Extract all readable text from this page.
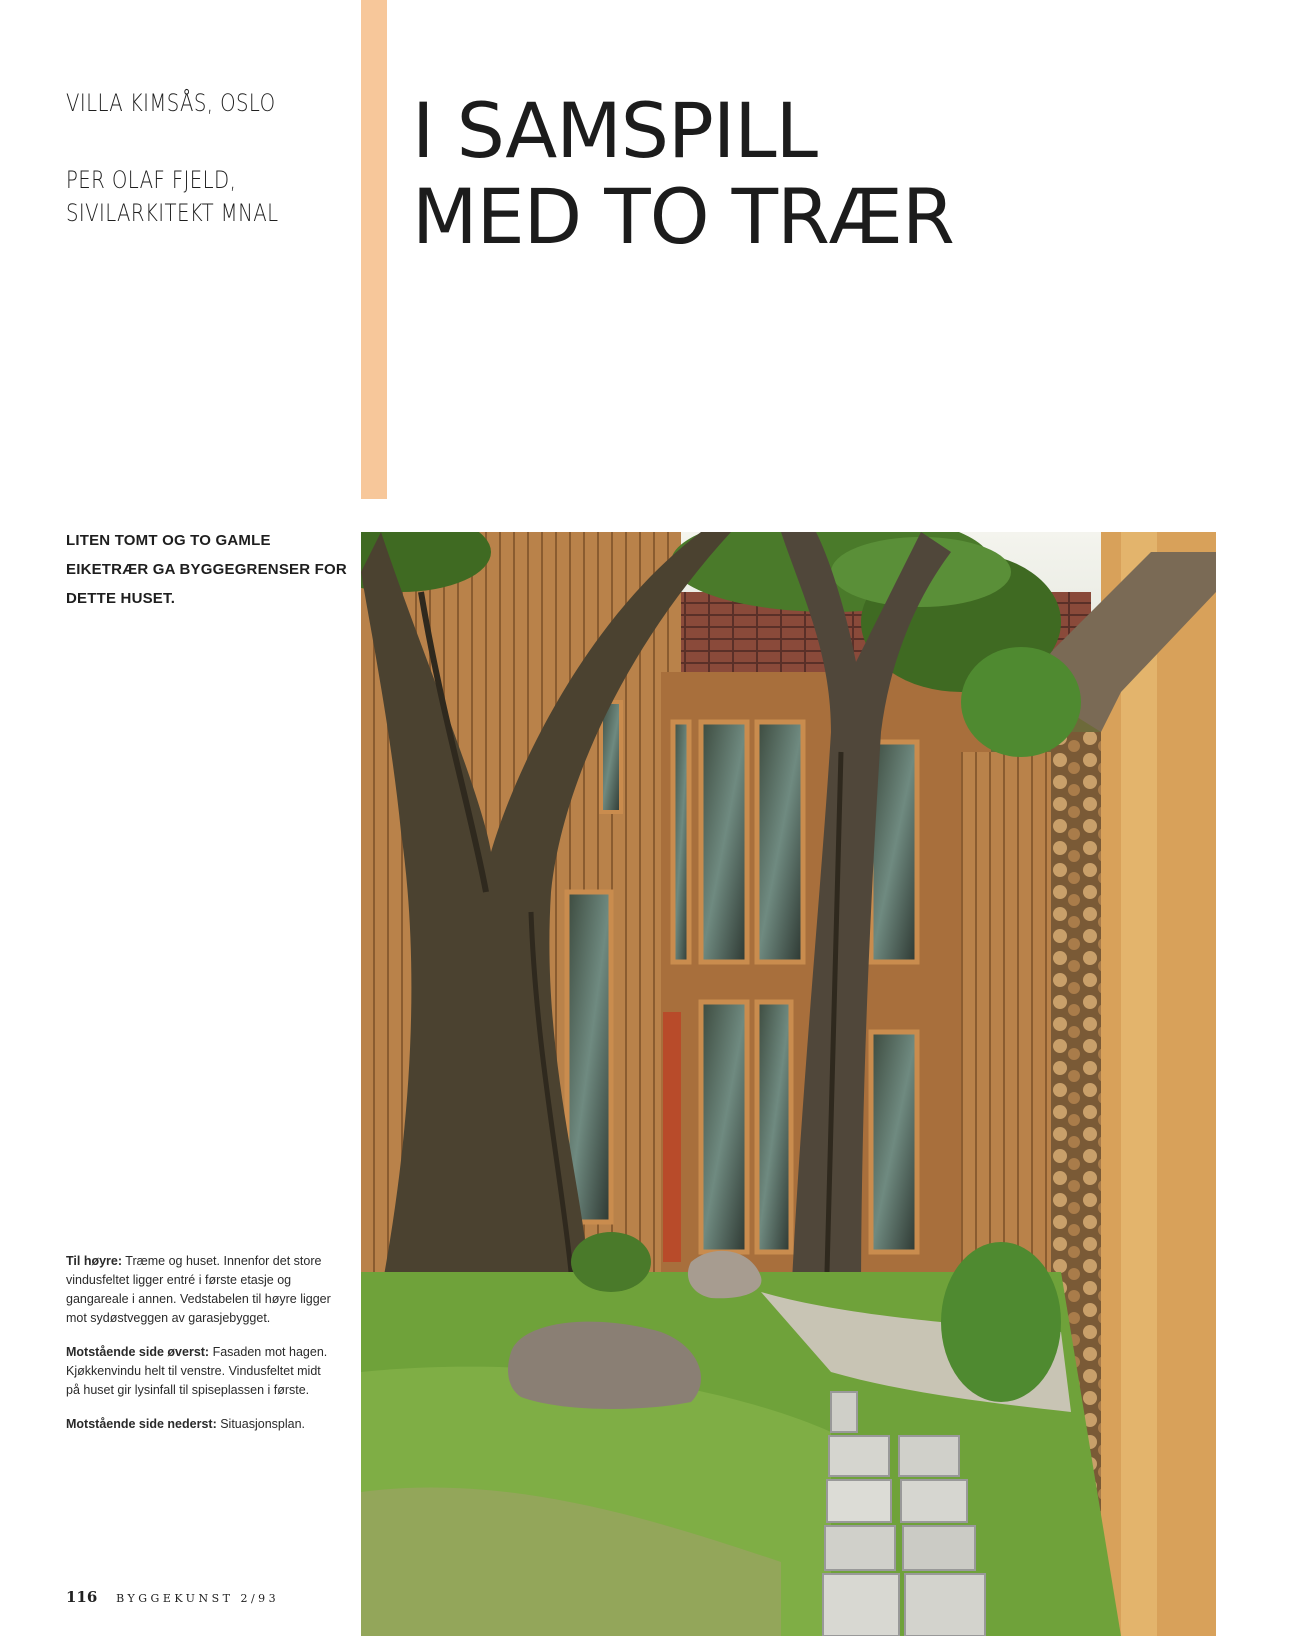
VILLA KIMSÅS, OSLO
PER OLAF FJELD,
SIVILARKITEKT MNAL
I SAMSPILL
MED TO TRÆR
LITEN TOMT OG TO GAMLE EIKETRÆR GA BYGGEGRENSER FOR DETTE HUSET.

Til høyre: Træme og huset. Innenfor det store vindusfeltet ligger entré i første etasje og gangareale i annen. Vedstabelen til høyre ligger mot sydøstveggen av garasjebygget.

Motstående side øverst: Fasaden mot hagen. Kjøkkenvindu helt til venstre. Vindusfeltet midt på huset gir lysinfall til spiseplassen i første.

Motstående side nederst: Situasjonsplan.

116 BYGGEKUNST 2/93
